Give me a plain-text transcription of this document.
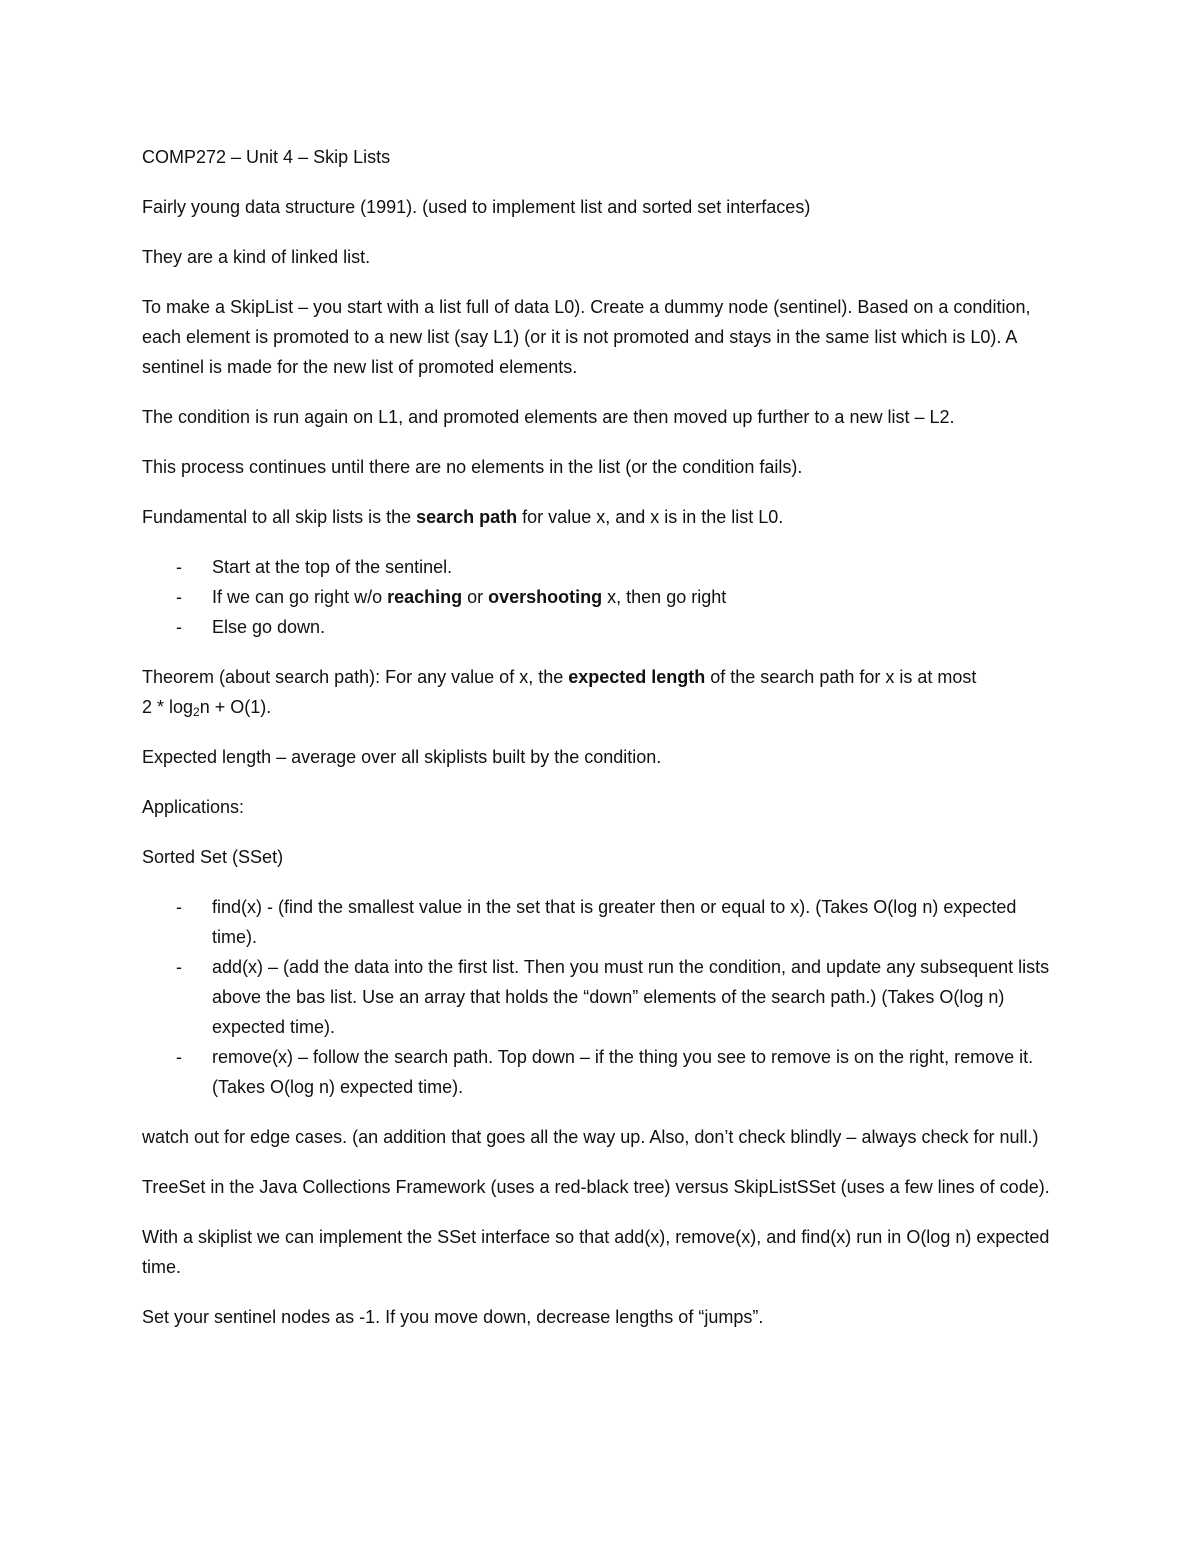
COMP272 – Unit 4 – Skip Lists

Fairly young data structure (1991). (used to implement list and sorted set interfaces)

They are a kind of linked list.

To make a SkipList – you start with a list full of data L0). Create a dummy node (sentinel). Based on a condition, each element is promoted to a new list (say L1) (or it is not promoted and stays in the same list which is L0). A sentinel is made for the new list of promoted elements.

The condition is run again on L1, and promoted elements are then moved up further to a new list – L2.

This process continues until there are no elements in the list (or the condition fails).

Fundamental to all skip lists is the search path for value x, and x is in the list L0.

- Start at the top of the sentinel.
- If we can go right w/o reaching or overshooting x, then go right
- Else go down.

Theorem (about search path): For any value of x, the expected length of the search path for x is at most
$2 * \log_2n + O(1)$.

Expected length – average over all skiplists built by the condition.

Applications:

Sorted Set (SSet)

- find(x) - (find the smallest value in the set that is greater then or equal to x). (Takes O(log n) expected time).
- add(x) – (add the data into the first list. Then you must run the condition, and update any subsequent lists above the bas list. Use an array that holds the “down” elements of the search path.) (Takes O(log n) expected time).
- remove(x) – follow the search path. Top down – if the thing you see to remove is on the right, remove it. (Takes O(log n) expected time).

watch out for edge cases. (an addition that goes all the way up. Also, don’t check blindly – always check for null.)

TreeSet in the Java Collections Framework (uses a red-black tree) versus SkipListSSet (uses a few lines of code).

With a skiplist we can implement the SSet interface so that add(x), remove(x), and find(x) run in O(log n) expected time.

Set your sentinel nodes as -1. If you move down, decrease lengths of “jumps”.
